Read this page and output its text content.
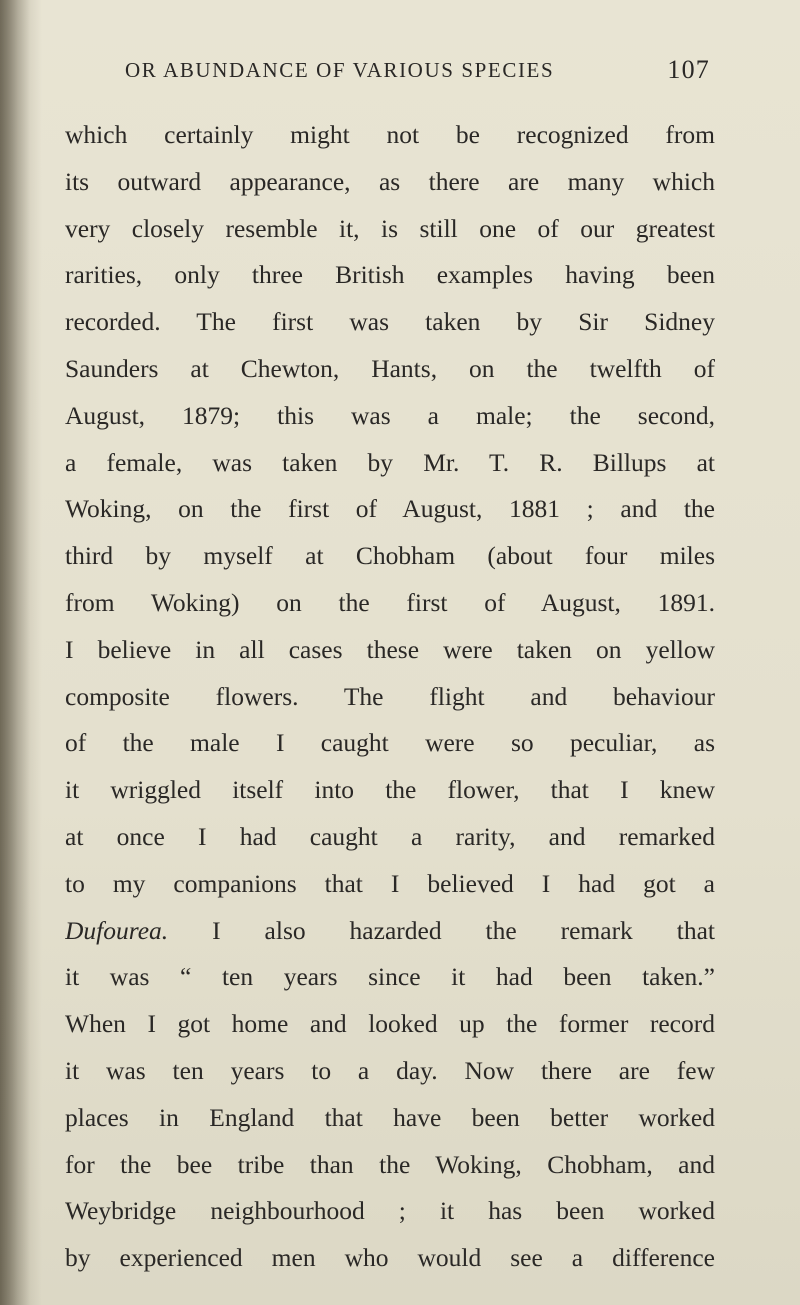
OR ABUNDANCE OF VARIOUS SPECIES	107
which certainly might not be recognized from
its outward appearance, as there are many which
very closely resemble it, is still one of our greatest
rarities, only three British examples having been
recorded. The first was taken by Sir Sidney
Saunders at Chewton, Hants, on the twelfth of
August, 1879; this was a male; the second,
a female, was taken by Mr. T. R. Billups at
Woking, on the first of August, 1881 ; and the
third by myself at Chobham (about four miles
from Woking) on the first of August, 1891.
I believe in all cases these were taken on yellow
composite flowers. The flight and behaviour
of the male I caught were so peculiar, as
it wriggled itself into the flower, that I knew
at once I had caught a rarity, and remarked
to my companions that I believed I had got a
Dufourea. I also hazarded the remark that
it was “ ten years since it had been taken.”
When I got home and looked up the former record
it was ten years to a day. Now there are few
places in England that have been better worked
for the bee tribe than the Woking, Chobham, and
Weybridge neighbourhood ; it has been worked
by experienced men who would see a difference
